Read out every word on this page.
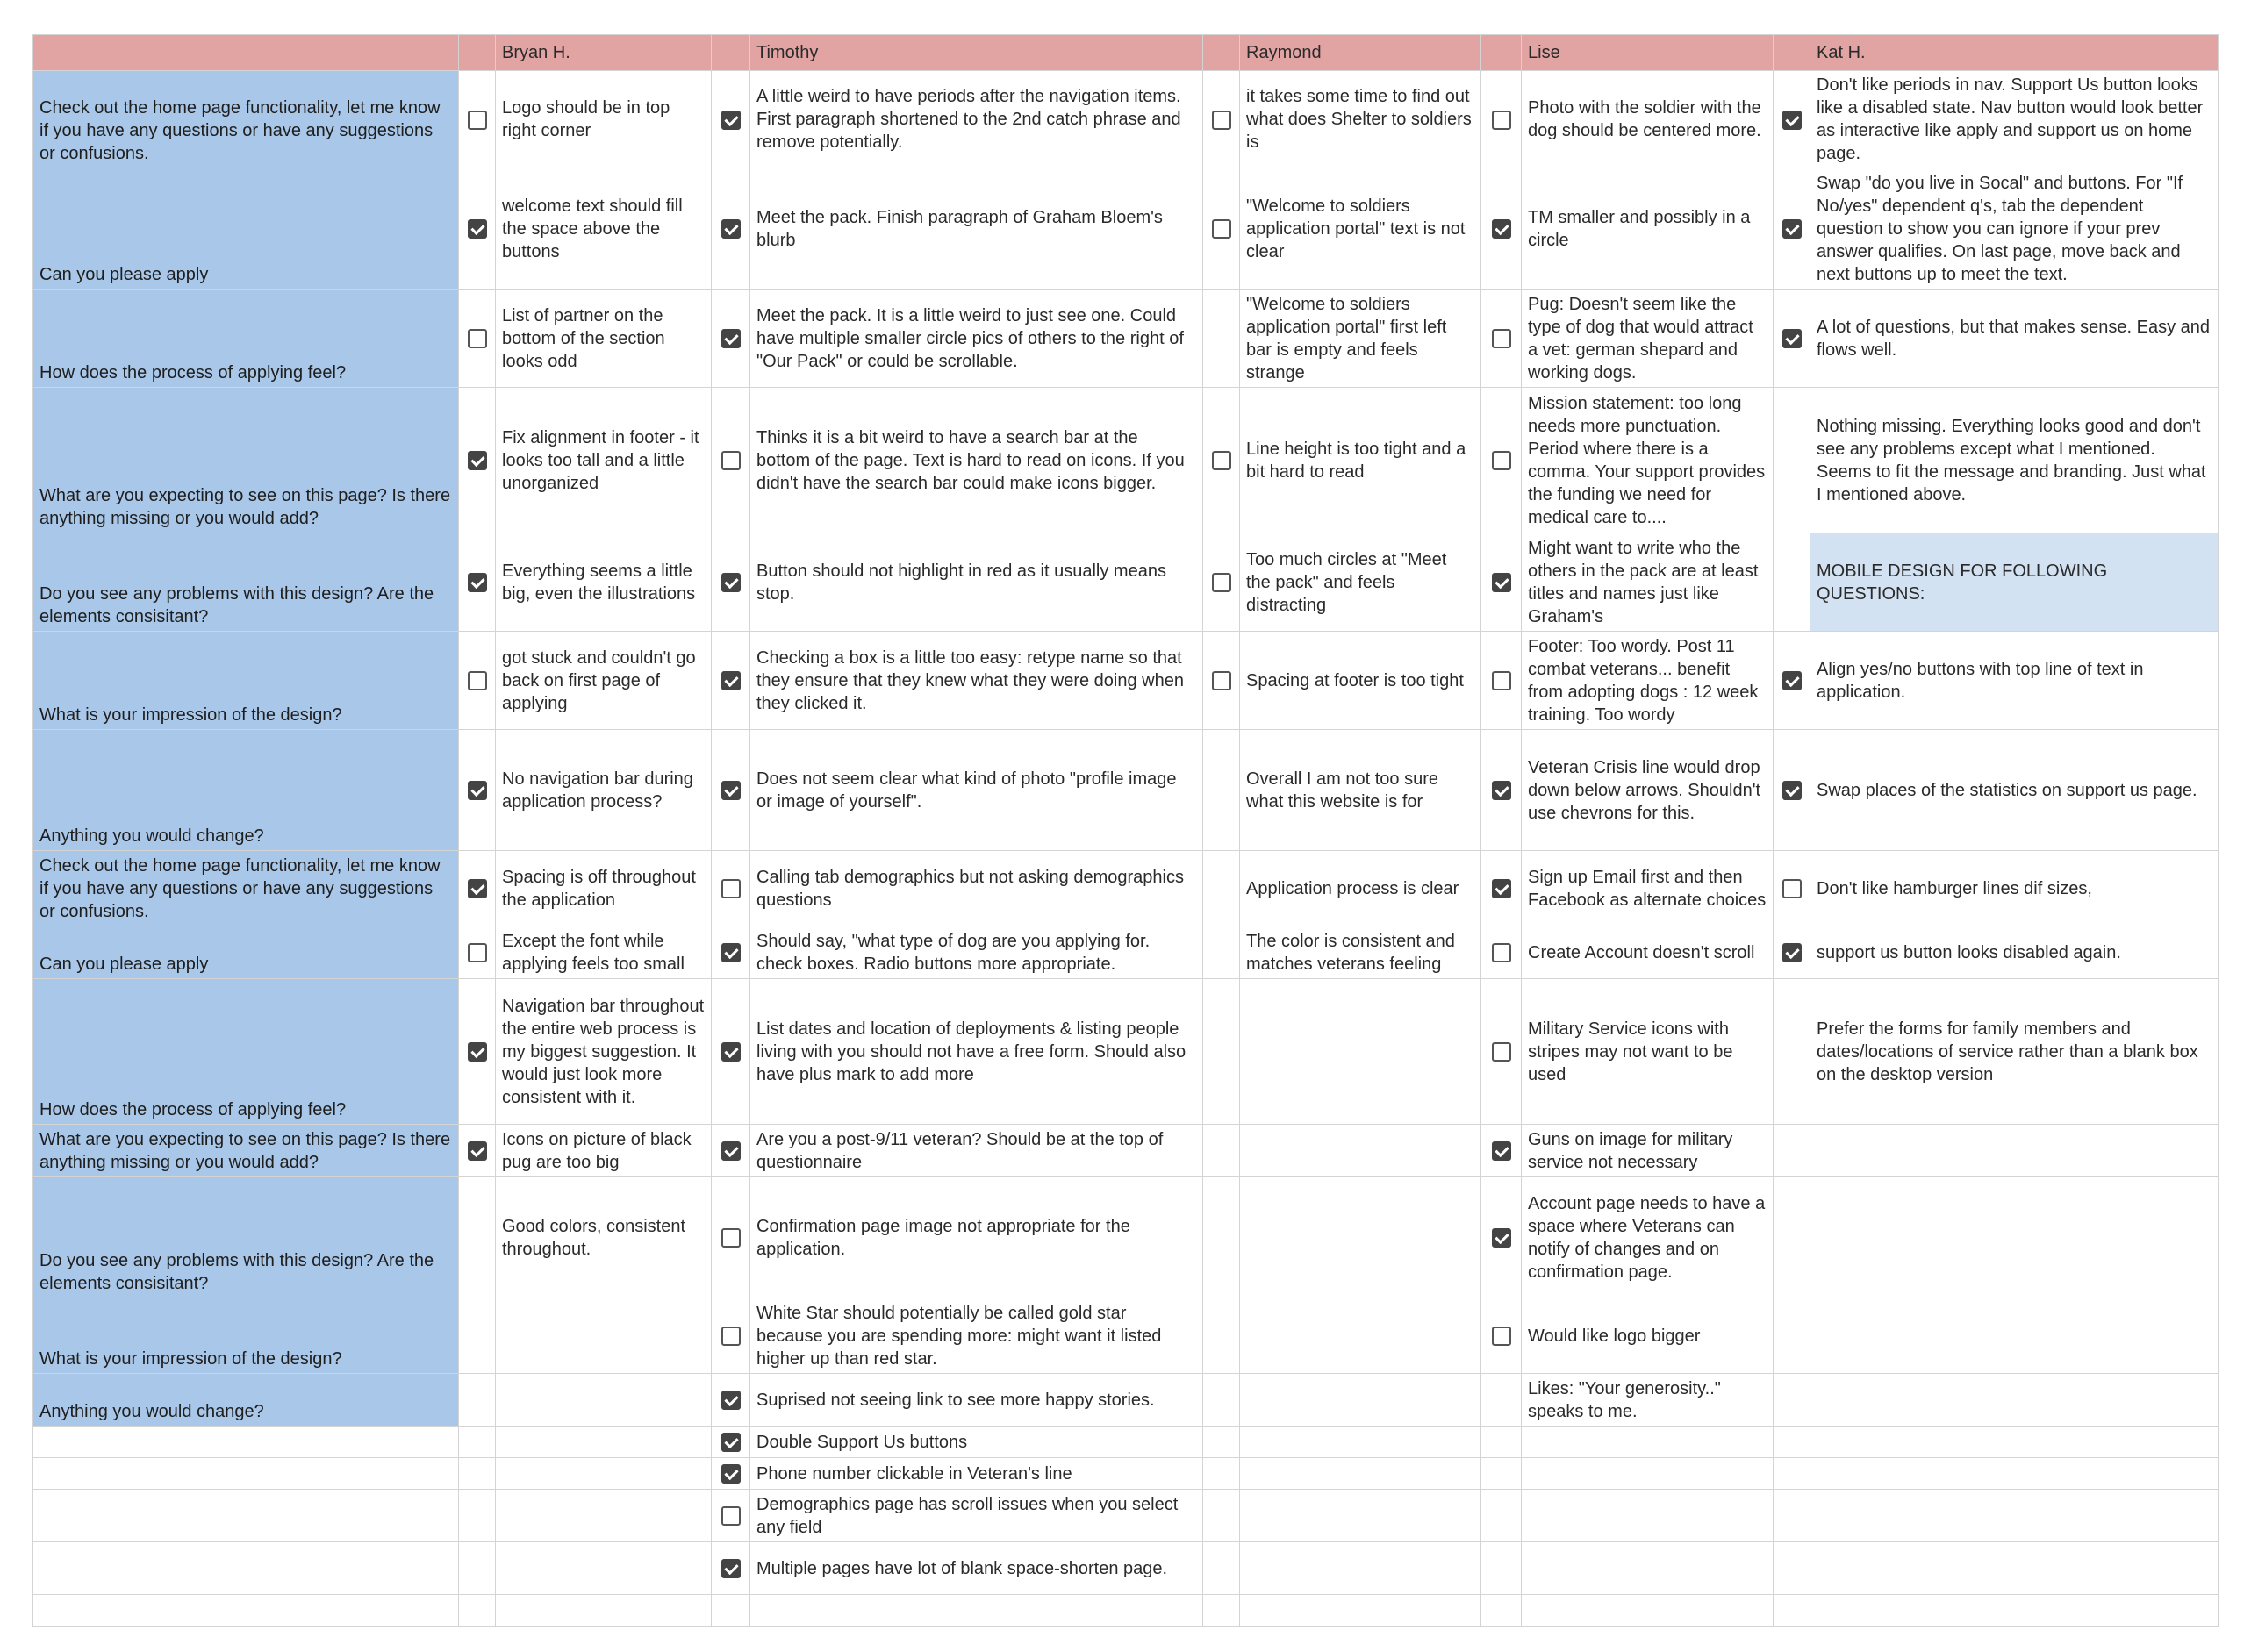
		Bryan H.		Timothy		Raymond		Lise		Kat H.
Check out the home page functionality, let me know if you have any questions or have any suggestions or confusions.		Logo should be in top right corner		A little weird to have periods after the navigation items. First paragraph shortened to the 2nd catch phrase and remove potentially.		it takes some time to find out what does Shelter to soldiers is		Photo with the soldier with the dog should be centered more.		Don't like periods in nav. Support Us button looks like a disabled state. Nav button would look better as interactive like apply and support us on home page.
Can you please apply		welcome text should fill the space above the buttons		Meet the pack. Finish paragraph of Graham Bloem's blurb		"Welcome to soldiers application portal" text is not clear		TM smaller and possibly in a circle		Swap "do you live in Socal" and buttons. For "If No/yes" dependent q's, tab the dependent question to show you can ignore if your prev answer qualifies. On last page, move back and next buttons up to meet the text.
How does the process of applying feel?		List of partner on the bottom of the section looks odd		Meet the pack. It is a little weird to just see one. Could have multiple smaller circle pics of others to the right of "Our Pack" or could be scrollable.		"Welcome to soldiers application portal" first left bar is empty and feels strange		Pug: Doesn't seem like the type of dog that would attract a vet: german shepard and working dogs.		A lot of questions, but that makes sense. Easy and flows well.
What are you expecting to see on this page? Is there anything missing or you would add?		Fix alignment in footer - it looks too tall and a little unorganized		Thinks it is a bit weird to have a search bar at the bottom of the page. Text is hard to read on icons. If you didn't have the search bar could make icons bigger.		Line height is too tight and a bit hard to read		Mission statement: too long needs more punctuation. Period where there is a comma. Your support provides the funding we need for medical care to....		Nothing missing. Everything looks good and don't see any problems except what I mentioned. Seems to fit the message and branding. Just what I mentioned above.
Do you see any problems with this design? Are the elements consisitant?		Everything seems a little big, even the illustrations		Button should not highlight in red as it usually means stop.		Too much circles at "Meet the pack" and feels distracting		Might want to write who the others in the pack are at least titles and names just like Graham's		MOBILE DESIGN FOR FOLLOWING QUESTIONS:
What is your impression of the design?		got stuck and couldn't go back on first page of applying		Checking a box is a little too easy: retype name so that they ensure that they knew what they were doing when they clicked it.		Spacing at footer is too tight		Footer: Too wordy. Post 11 combat veterans... benefit from adopting dogs : 12 week training. Too wordy		Align yes/no buttons with top line of text in application.
Anything you would change?		No navigation bar during application process?		Does not seem clear what kind of photo "profile image or image of yourself".		Overall I am not too sure what this website is for		Veteran Crisis line would drop down below arrows. Shouldn't use chevrons for this.		Swap places of the statistics on support us page.
Check out the home page functionality, let me know if you have any questions or have any suggestions or confusions.		Spacing is off throughout the application		Calling tab demographics but not asking demographics questions		Application process is clear		Sign up Email first and then Facebook as alternate choices		Don't like hamburger lines dif sizes,
Can you please apply		Except the font while applying feels too small		Should say, "what type of dog are you applying for. check boxes. Radio buttons more appropriate.		The color is consistent and matches veterans feeling		Create Account doesn't scroll		support us button looks disabled again.
How does the process of applying feel?		Navigation bar throughout the entire web process is my biggest suggestion. It would just look more consistent with it.		List dates and location of deployments & listing people living with you should not have a free form. Should also have plus mark to add more				Military Service icons with stripes may not want to be used		Prefer the forms for family members and dates/locations of service rather than a blank box on the desktop version
What are you expecting to see on this page? Is there anything missing or you would add?		Icons on picture of black pug are too big		Are you a post-9/11 veteran? Should be at the top of questionnaire				Guns on image for military service not necessary		
Do you see any problems with this design? Are the elements consisitant?		Good colors, consistent throughout.		Confirmation page image not appropriate for the application.				Account page needs to have a space where Veterans can notify of changes and on confirmation page.		
What is your impression of the design?				White Star should potentially be called gold star because you are spending more: might want it listed higher up than red star.				Would like logo bigger		
Anything you would change?				Suprised not seeing link to see more happy stories.				Likes: "Your generosity.." speaks to me.		
				Double Support Us buttons						
				Phone number clickable in Veteran's line						
				Demographics page has scroll issues when you select any field						
				Multiple pages have lot of blank space-shorten page.						
